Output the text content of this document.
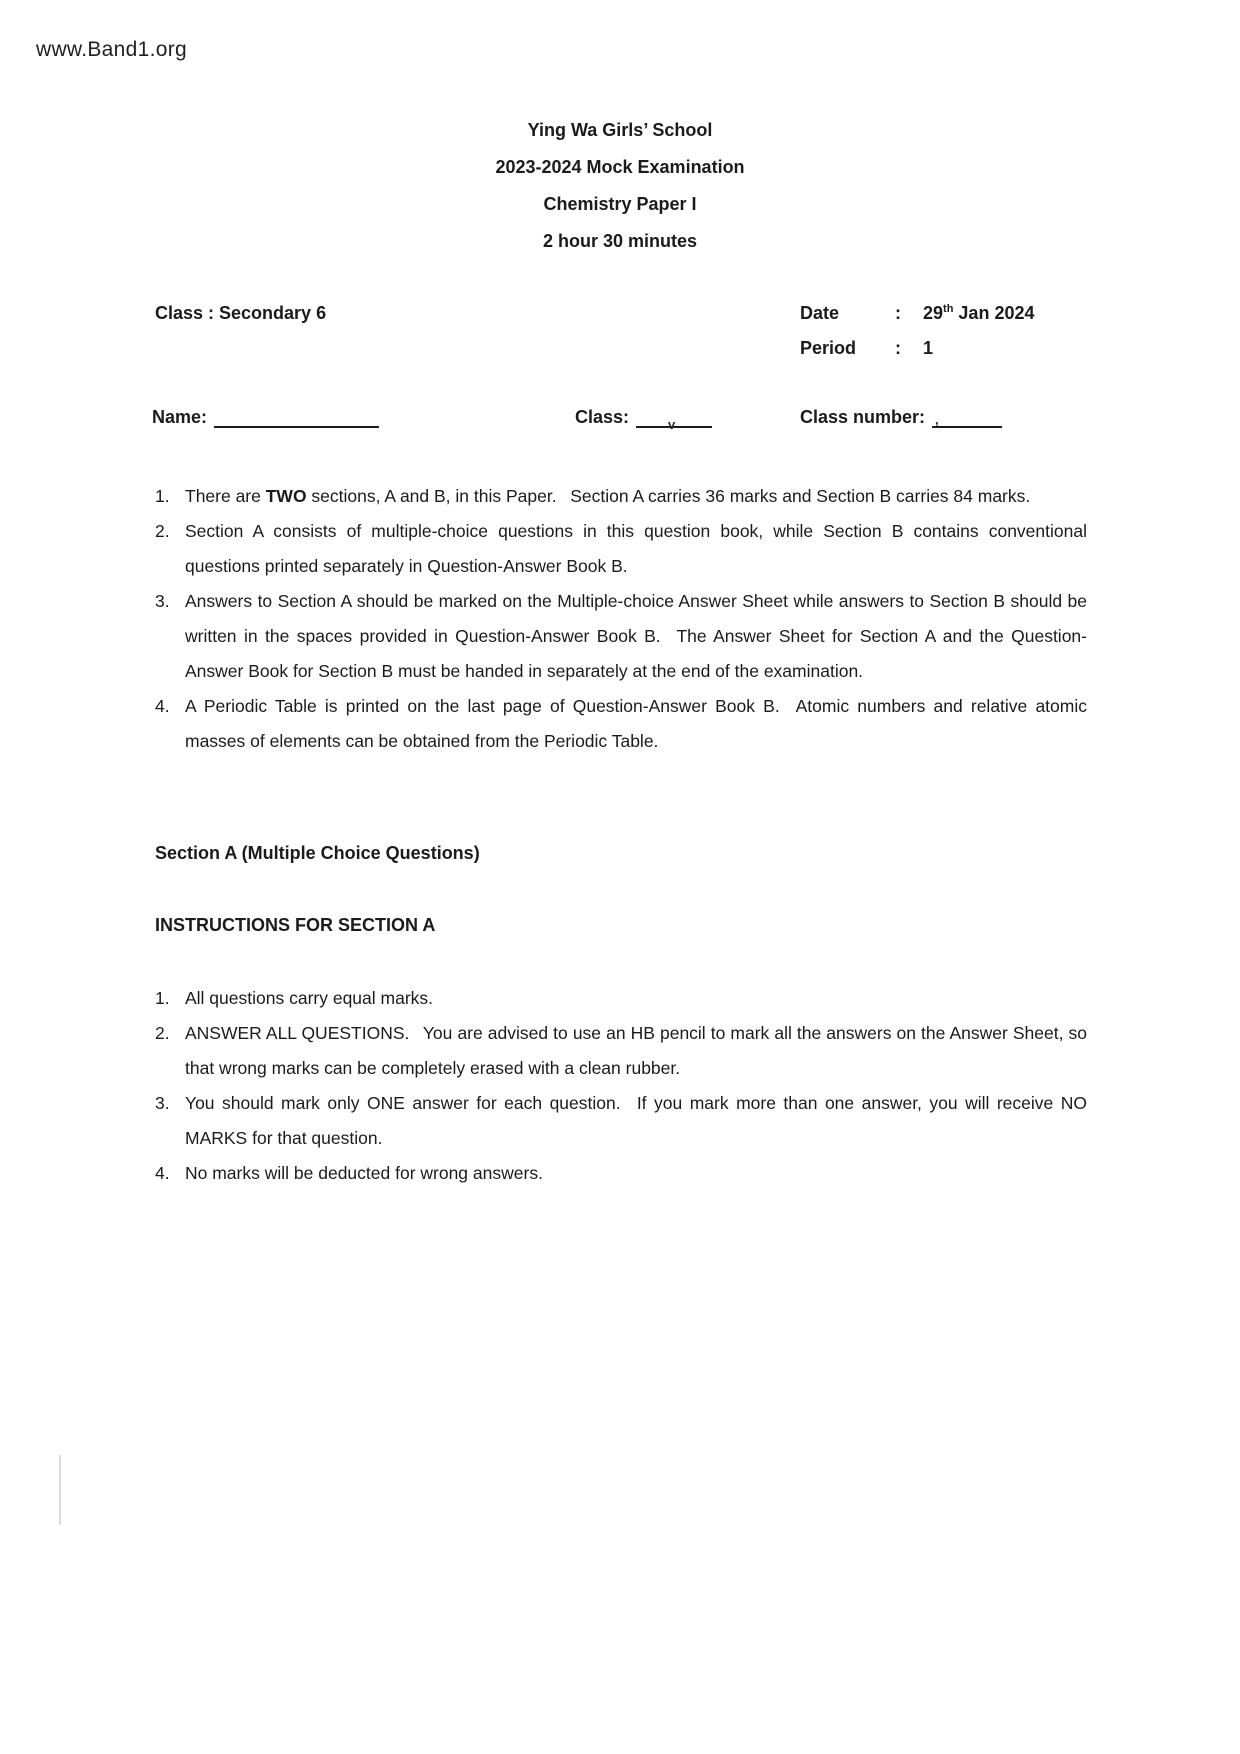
www.Band1.org
Ying Wa Girls’ School
2023-2024 Mock Examination
Chemistry Paper I
2 hour 30 minutes
Class : Secondary 6	Date	:	29th Jan 2024
Period	:	1
Name:	Class:	v	Class number: ,
1. There are TWO sections, A and B, in this Paper.  Section A carries 36 marks and Section B carries 84 marks.
2. Section A consists of multiple-choice questions in this question book, while Section B contains conventional questions printed separately in Question-Answer Book B.
3. Answers to Section A should be marked on the Multiple-choice Answer Sheet while answers to Section B should be written in the spaces provided in Question-Answer Book B.  The Answer Sheet for Section A and the Question-Answer Book for Section B must be handed in separately at the end of the examination.
4. A Periodic Table is printed on the last page of Question-Answer Book B.  Atomic numbers and relative atomic masses of elements can be obtained from the Periodic Table.
Section A (Multiple Choice Questions)
INSTRUCTIONS FOR SECTION A
1. All questions carry equal marks.
2. ANSWER ALL QUESTIONS.  You are advised to use an HB pencil to mark all the answers on the Answer Sheet, so that wrong marks can be completely erased with a clean rubber.
3. You should mark only ONE answer for each question.  If you mark more than one answer, you will receive NO MARKS for that question.
4. No marks will be deducted for wrong answers.
